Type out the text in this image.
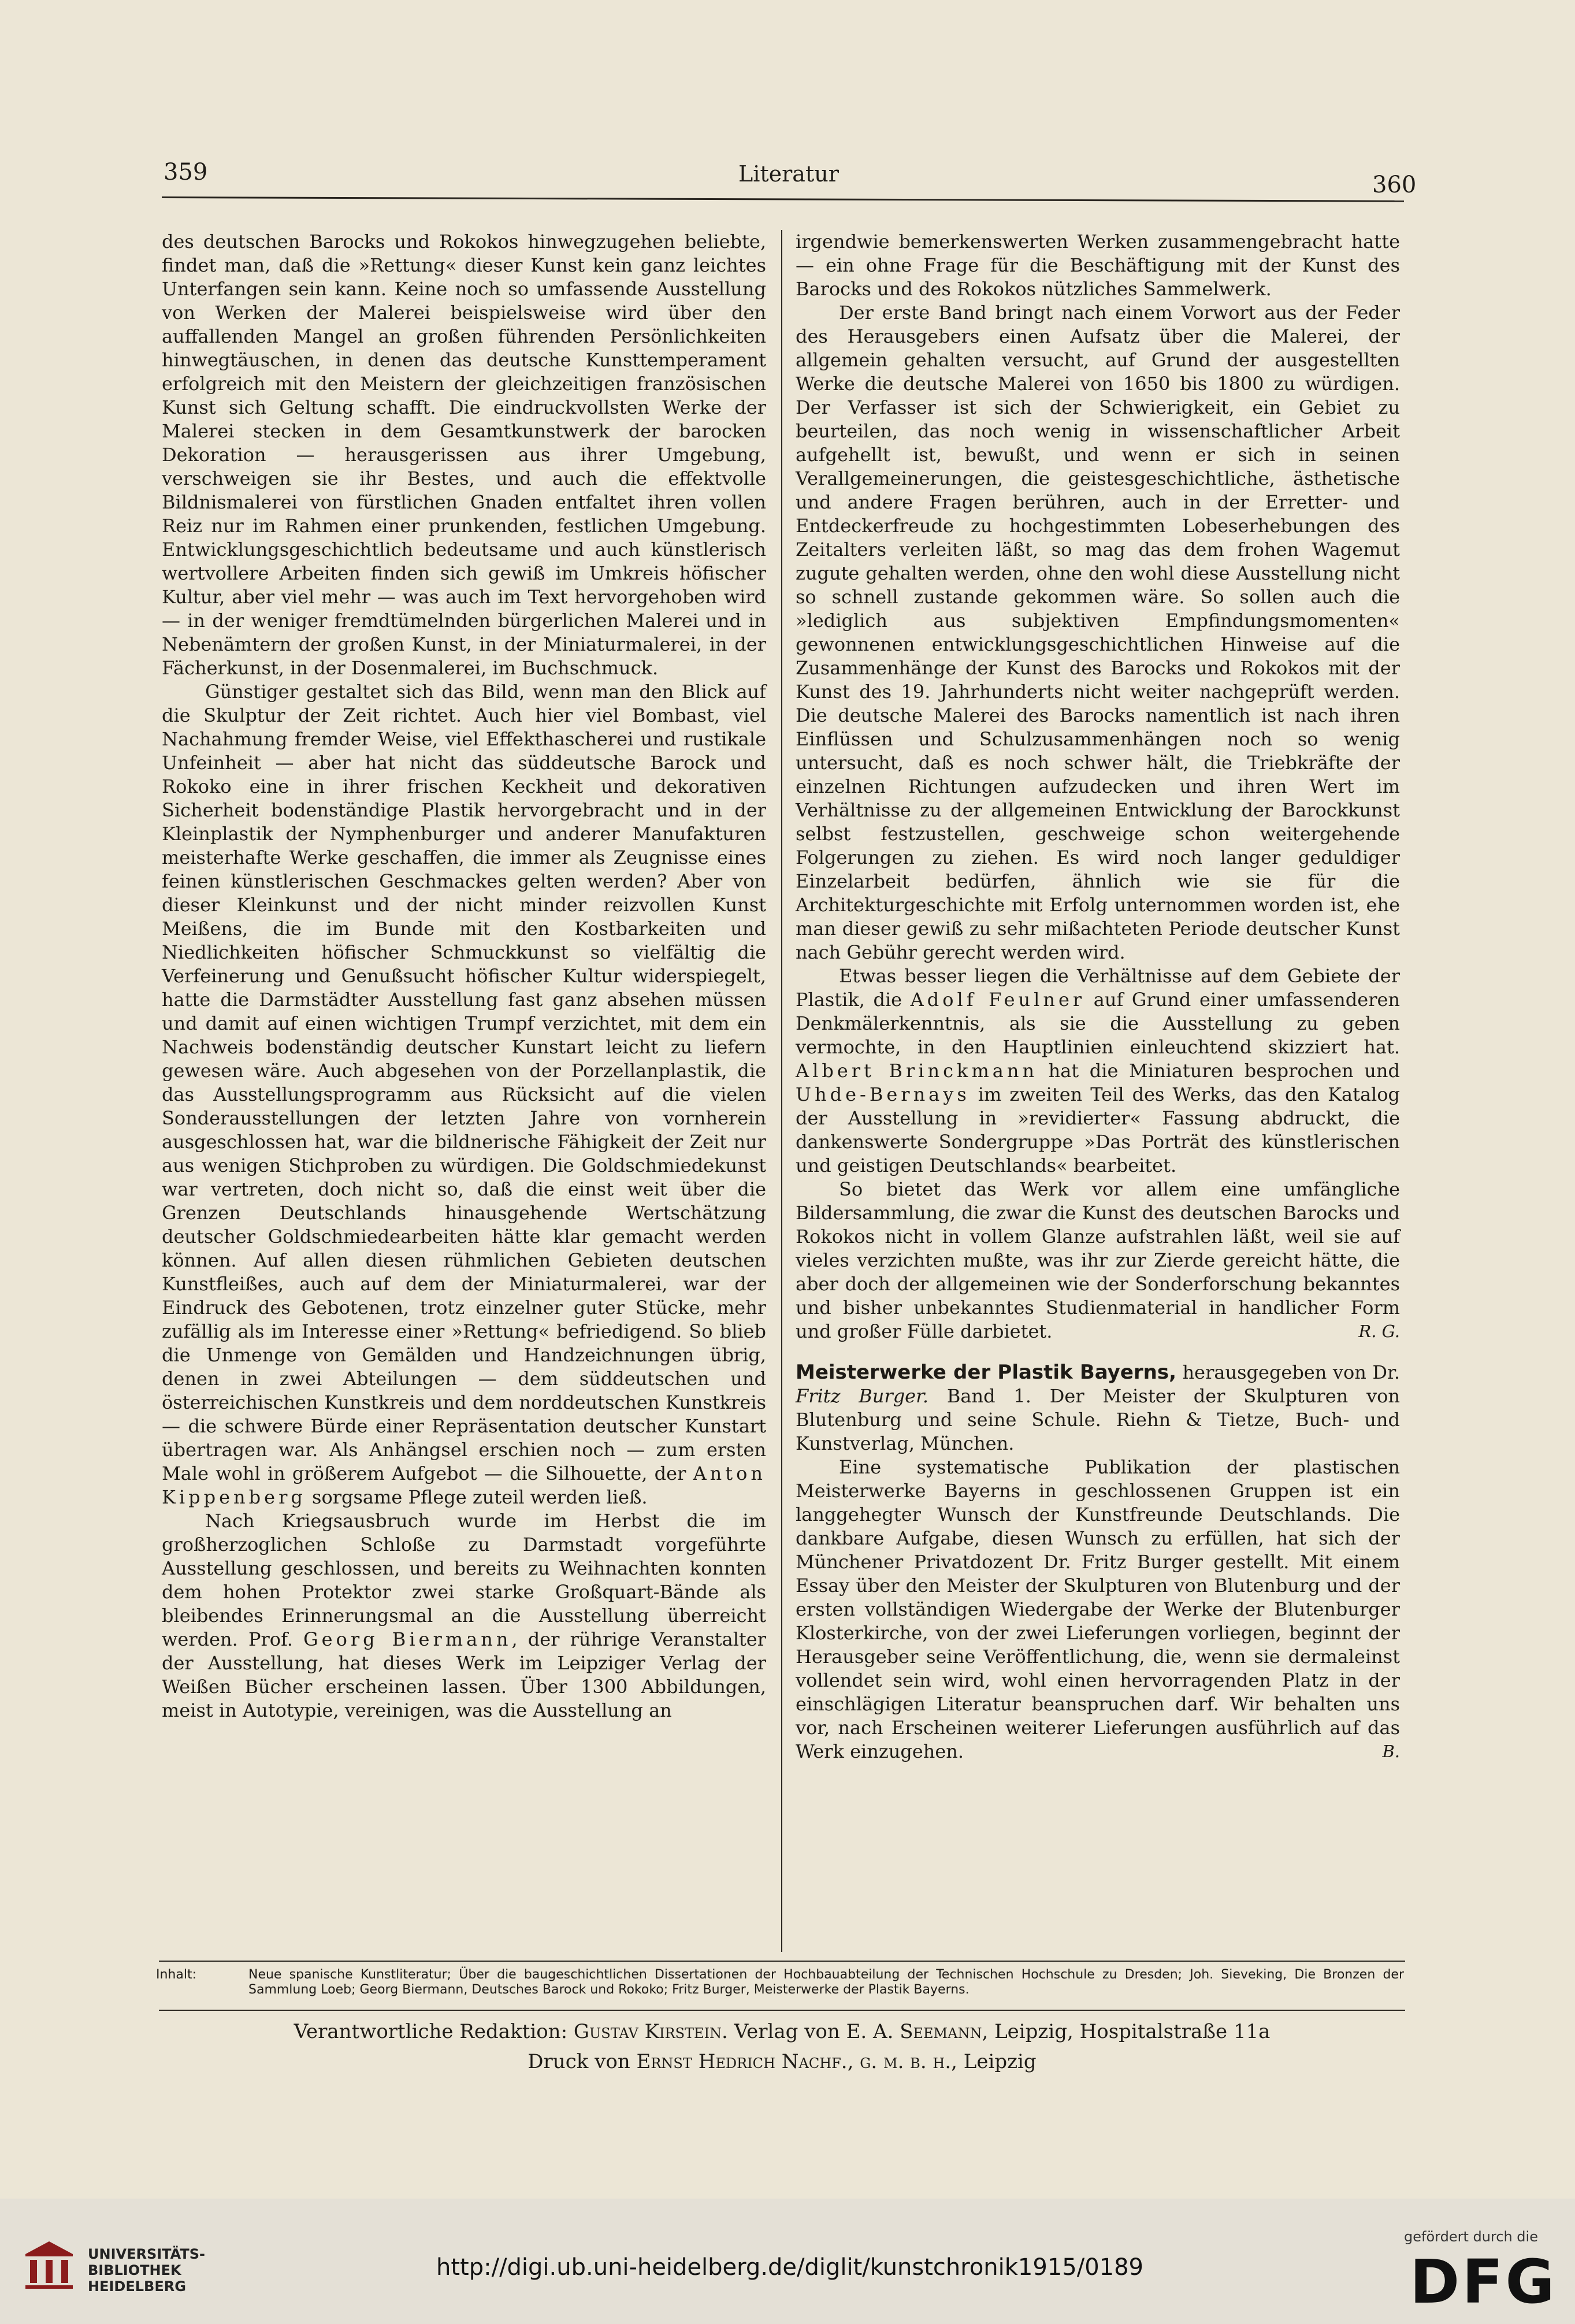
359	Literatur	360

des deutschen Barocks und Rokokos hinwegzugehen beliebte, findet man, daß die »Rettung« dieser Kunst kein ganz leichtes Unterfangen sein kann. Keine noch so umfassende Ausstellung von Werken der Malerei beispielsweise wird über den auffallenden Mangel an großen führenden Persönlichkeiten hinwegtäuschen, in denen das deutsche Kunsttemperament erfolgreich mit den Meistern der gleichzeitigen französischen Kunst sich Geltung schafft. Die eindruckvollsten Werke der Malerei stecken in dem Gesamtkunstwerk der barocken Dekoration — herausgerissen aus ihrer Umgebung, verschweigen sie ihr Bestes, und auch die effektvolle Bildnismalerei von fürstlichen Gnaden entfaltet ihren vollen Reiz nur im Rahmen einer prunkenden, festlichen Umgebung. Entwicklungsgeschichtlich bedeutsame und auch künstlerisch wertvollere Arbeiten finden sich gewiß im Umkreis höfischer Kultur, aber viel mehr — was auch im Text hervorgehoben wird — in der weniger fremdtümelnden bürgerlichen Malerei und in Nebenämtern der großen Kunst, in der Miniaturmalerei, in der Fächerkunst, in der Dosenmalerei, im Buchschmuck.

Günstiger gestaltet sich das Bild, wenn man den Blick auf die Skulptur der Zeit richtet. Auch hier viel Bombast, viel Nachahmung fremder Weise, viel Effekthascherei und rustikale Unfeinheit — aber hat nicht das süddeutsche Barock und Rokoko eine in ihrer frischen Keckheit und dekorativen Sicherheit bodenständige Plastik hervorgebracht und in der Kleinplastik der Nymphenburger und anderer Manufakturen meisterhafte Werke geschaffen, die immer als Zeugnisse eines feinen künstlerischen Geschmackes gelten werden? Aber von dieser Kleinkunst und der nicht minder reizvollen Kunst Meißens, die im Bunde mit den Kostbarkeiten und Niedlichkeiten höfischer Schmuckkunst so vielfältig die Verfeinerung und Genußsucht höfischer Kultur widerspiegelt, hatte die Darmstädter Ausstellung fast ganz absehen müssen und damit auf einen wichtigen Trumpf verzichtet, mit dem ein Nachweis bodenständig deutscher Kunstart leicht zu liefern gewesen wäre. Auch abgesehen von der Porzellanplastik, die das Ausstellungsprogramm aus Rücksicht auf die vielen Sonderausstellungen der letzten Jahre von vornherein ausgeschlossen hat, war die bildnerische Fähigkeit der Zeit nur aus wenigen Stichproben zu würdigen. Die Goldschmiedekunst war vertreten, doch nicht so, daß die einst weit über die Grenzen Deutschlands hinausgehende Wertschätzung deutscher Goldschmiedearbeiten hätte klar gemacht werden können. Auf allen diesen rühmlichen Gebieten deutschen Kunstfleißes, auch auf dem der Miniaturmalerei, war der Eindruck des Gebotenen, trotz einzelner guter Stücke, mehr zufällig als im Interesse einer »Rettung« befriedigend. So blieb die Unmenge von Gemälden und Handzeichnungen übrig, denen in zwei Abteilungen — dem süddeutschen und österreichischen Kunstkreis und dem norddeutschen Kunstkreis — die schwere Bürde einer Repräsentation deutscher Kunstart übertragen war. Als Anhängsel erschien noch — zum ersten Male wohl in größerem Aufgebot — die Silhouette, der Anton Kippenberg sorgsame Pflege zuteil werden ließ.

Nach Kriegsausbruch wurde im Herbst die im großherzoglichen Schloße zu Darmstadt vorgeführte Ausstellung geschlossen, und bereits zu Weihnachten konnten dem hohen Protektor zwei starke Großquart-Bände als bleibendes Erinnerungsmal an die Ausstellung überreicht werden. Prof. Georg Biermann, der rührige Veranstalter der Ausstellung, hat dieses Werk im Leipziger Verlag der Weißen Bücher erscheinen lassen. Über 1300 Abbildungen, meist in Autotypie, vereinigen, was die Ausstellung an

irgendwie bemerkenswerten Werken zusammengebracht hatte — ein ohne Frage für die Beschäftigung mit der Kunst des Barocks und des Rokokos nützliches Sammelwerk.

Der erste Band bringt nach einem Vorwort aus der Feder des Herausgebers einen Aufsatz über die Malerei, der allgemein gehalten versucht, auf Grund der ausgestellten Werke die deutsche Malerei von 1650 bis 1800 zu würdigen. Der Verfasser ist sich der Schwierigkeit, ein Gebiet zu beurteilen, das noch wenig in wissenschaftlicher Arbeit aufgehellt ist, bewußt, und wenn er sich in seinen Verallgemeinerungen, die geistesgeschichtliche, ästhetische und andere Fragen berühren, auch in der Erretter- und Entdeckerfreude zu hochgestimmten Lobeserhebungen des Zeitalters verleiten läßt, so mag das dem frohen Wagemut zugute gehalten werden, ohne den wohl diese Ausstellung nicht so schnell zustande gekommen wäre. So sollen auch die »lediglich aus subjektiven Empfindungsmomenten« gewonnenen entwicklungsgeschichtlichen Hinweise auf die Zusammenhänge der Kunst des Barocks und Rokokos mit der Kunst des 19. Jahrhunderts nicht weiter nachgeprüft werden. Die deutsche Malerei des Barocks namentlich ist nach ihren Einflüssen und Schulzusammenhängen noch so wenig untersucht, daß es noch schwer hält, die Triebkräfte der einzelnen Richtungen aufzudecken und ihren Wert im Verhältnisse zu der allgemeinen Entwicklung der Barockkunst selbst festzustellen, geschweige schon weitergehende Folgerungen zu ziehen. Es wird noch langer geduldiger Einzelarbeit bedürfen, ähnlich wie sie für die Architekturgeschichte mit Erfolg unternommen worden ist, ehe man dieser gewiß zu sehr mißachteten Periode deutscher Kunst nach Gebühr gerecht werden wird.

Etwas besser liegen die Verhältnisse auf dem Gebiete der Plastik, die Adolf Feulner auf Grund einer umfassenderen Denkmälerkenntnis, als sie die Ausstellung zu geben vermochte, in den Hauptlinien einleuchtend skizziert hat. Albert Brinckmann hat die Miniaturen besprochen und Uhde-Bernays im zweiten Teil des Werks, das den Katalog der Ausstellung in »revidierter« Fassung abdruckt, die dankenswerte Sondergruppe »Das Porträt des künstlerischen und geistigen Deutschlands« bearbeitet.

So bietet das Werk vor allem eine umfängliche Bildersammlung, die zwar die Kunst des deutschen Barocks und Rokokos nicht in vollem Glanze aufstrahlen läßt, weil sie auf vieles verzichten mußte, was ihr zur Zierde gereicht hätte, die aber doch der allgemeinen wie der Sonderforschung bekanntes und bisher unbekanntes Studienmaterial in handlicher Form und großer Fülle darbietet.	R. G.

Meisterwerke der Plastik Bayerns, herausgegeben von Dr. Fritz Burger. Band 1. Der Meister der Skulpturen von Blutenburg und seine Schule. Riehn & Tietze, Buch- und Kunstverlag, München.

Eine systematische Publikation der plastischen Meisterwerke Bayerns in geschlossenen Gruppen ist ein langgehegter Wunsch der Kunstfreunde Deutschlands. Die dankbare Aufgabe, diesen Wunsch zu erfüllen, hat sich der Münchener Privatdozent Dr. Fritz Burger gestellt. Mit einem Essay über den Meister der Skulpturen von Blutenburg und der ersten vollständigen Wiedergabe der Werke der Blutenburger Klosterkirche, von der zwei Lieferungen vorliegen, beginnt der Herausgeber seine Veröffentlichung, die, wenn sie dermaleinst vollendet sein wird, wohl einen hervorragenden Platz in der einschlägigen Literatur beanspruchen darf. Wir behalten uns vor, nach Erscheinen weiterer Lieferungen ausführlich auf das Werk einzugehen.	B.

Inhalt:	Neue spanische Kunstliteratur; Über die baugeschichtlichen Dissertationen der Hochbauabteilung der Technischen Hochschule zu Dresden; Joh. Sieveking, Die Bronzen der Sammlung Loeb; Georg Biermann, Deutsches Barock und Rokoko; Fritz Burger, Meisterwerke der Plastik Bayerns.
Verantwortliche Redaktion: Gustav Kirstein. Verlag von E. A. Seemann, Leipzig, Hospitalstraße 11a
Druck von Ernst Hedrich Nachf., g. m. b. h., Leipzig
UNIVERSITÄTS-
BIBLIOTHEK
HEIDELBERG
http://digi.ub.uni-heidelberg.de/diglit/kunstchronik1915/0189
gefördert durch die
DFG
